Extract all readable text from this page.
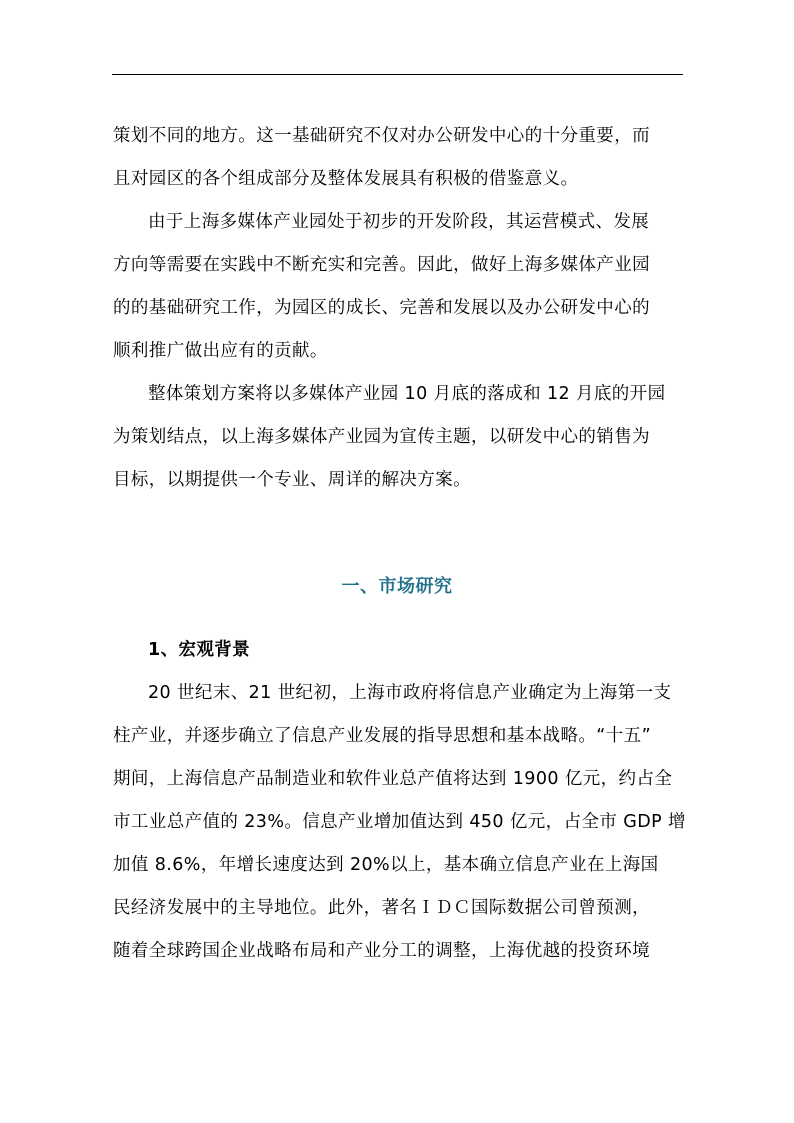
策划不同的地方。这一基础研究不仅对办公研发中心的十分重要，而
且对园区的各个组成部分及整体发展具有积极的借鉴意义。
由于上海多媒体产业园处于初步的开发阶段，其运营模式、发展
方向等需要在实践中不断充实和完善。因此，做好上海多媒体产业园
的的基础研究工作，为园区的成长、完善和发展以及办公研发中心的
顺利推广做出应有的贡献。
整体策划方案将以多媒体产业园 10 月底的落成和 12 月底的开园
为策划结点，以上海多媒体产业园为宣传主题，以研发中心的销售为
目标，以期提供一个专业、周详的解决方案。
一、市场研究
1、宏观背景
20 世纪末、21 世纪初，上海市政府将信息产业确定为上海第一支
柱产业，并逐步确立了信息产业发展的指导思想和基本战略。“十五”
期间，上海信息产品制造业和软件业总产值将达到 1900 亿元，约占全
市工业总产值的 23%。信息产业增加值达到 450 亿元，占全市 GDP 增
加值 8.6%，年增长速度达到 20%以上，基本确立信息产业在上海国
民经济发展中的主导地位。此外，著名ＩＤＣ国际数据公司曾预测，
随着全球跨国企业战略布局和产业分工的调整，上海优越的投资环境
